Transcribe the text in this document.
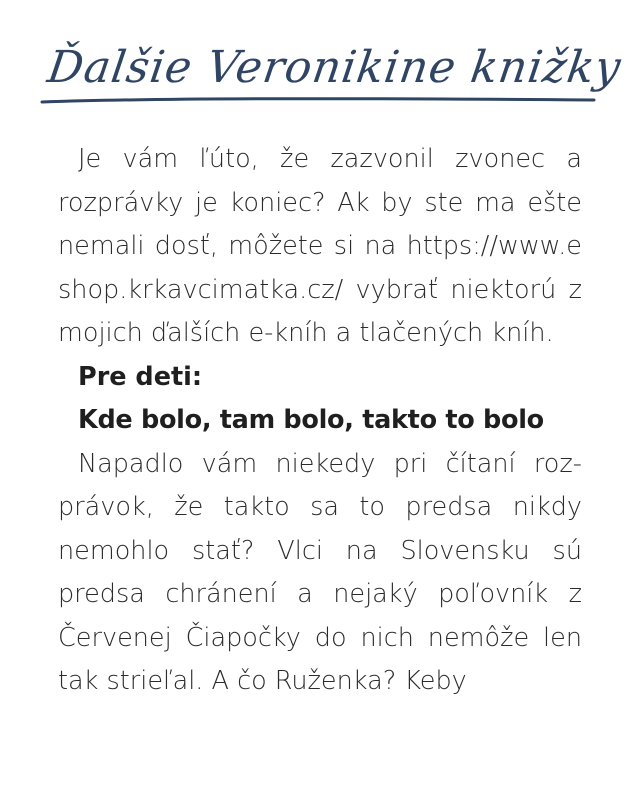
Ďalšie Veronikine knižky

Je vám ľúto, že zazvonil zvonec a rozprávky je koniec? Ak by ste ma ešte nemali dosť, môžete si na https://www.eshop.krkavcimatka.cz/ vybrať niektorú z mojich ďalších e-kníh a tlačených kníh.

Pre deti:

Kde bolo, tam bolo, takto to bolo

Napadlo vám niekedy pri čítaní rozprávok, že takto sa to predsa nikdy nemohlo stať? Vlci na Slovensku sú predsa chránení a nejaký poľovník z Červenej Čiapočky do nich nemôže len tak strieľal. A čo Ruženka? Keby
